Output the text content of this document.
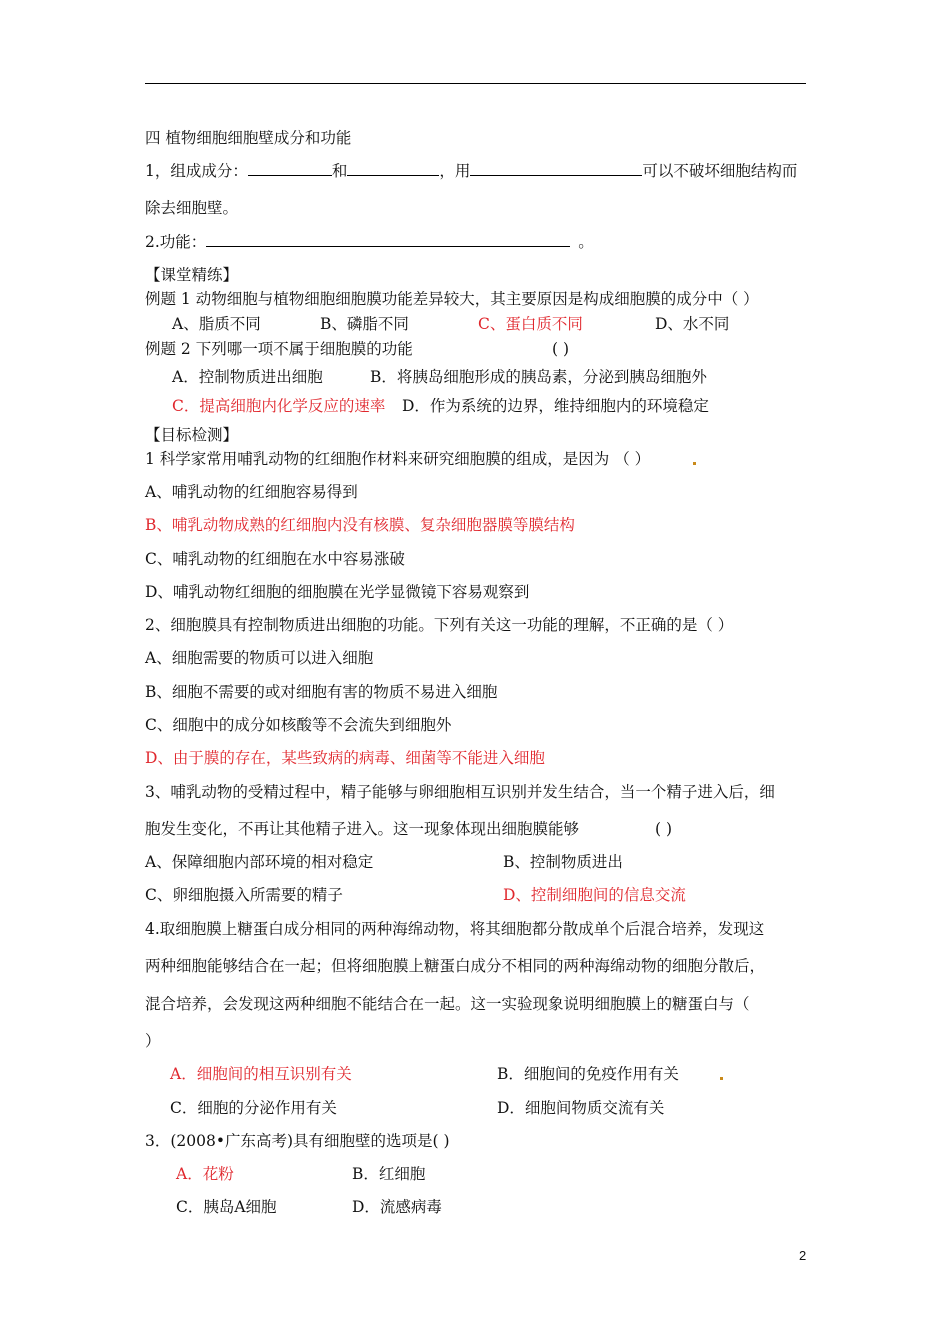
四 植物细胞细胞壁成分和功能
1，组成成分：	和	，用	可以不破坏细胞结构而
除去细胞壁。
2.功能：	。
【课堂精练】
例题 1 动物细胞与植物细胞细胞膜功能差异较大，其主要原因是构成细胞膜的成分中（ ）
A、脂质不同	B、磷脂不同	C、蛋白质不同	D、水不同
例题 2 下列哪一项不属于细胞膜的功能	( )
A．控制物质进出细胞	B．将胰岛细胞形成的胰岛素，分泌到胰岛细胞外
C．提高细胞内化学反应的速率 D．作为系统的边界，维持细胞内的环境稳定
【目标检测】
1 科学家常用哺乳动物的红细胞作材料来研究细胞膜的组成，是因为 （ ）
A、哺乳动物的红细胞容易得到
B、哺乳动物成熟的红细胞内没有核膜、复杂细胞器膜等膜结构
C、哺乳动物的红细胞在水中容易涨破
D、哺乳动物红细胞的细胞膜在光学显微镜下容易观察到
2、细胞膜具有控制物质进出细胞的功能。下列有关这一功能的理解，不正确的是（ ）
A、细胞需要的物质可以进入细胞
B、细胞不需要的或对细胞有害的物质不易进入细胞
C、细胞中的成分如核酸等不会流失到细胞外
D、由于膜的存在，某些致病的病毒、细菌等不能进入细胞
3、哺乳动物的受精过程中，精子能够与卵细胞相互识别并发生结合，当一个精子进入后，细
胞发生变化，不再让其他精子进入。这一现象体现出细胞膜能够	( )
A、保障细胞内部环境的相对稳定	B、控制物质进出
C、卵细胞摄入所需要的精子	D、控制细胞间的信息交流
4.取细胞膜上糖蛋白成分相同的两种海绵动物，将其细胞都分散成单个后混合培养，发现这
两种细胞能够结合在一起；但将细胞膜上糖蛋白成分不相同的两种海绵动物的细胞分散后，
混合培养，会发现这两种细胞不能结合在一起。这一实验现象说明细胞膜上的糖蛋白与（
）
A．细胞间的相互识别有关	B．细胞间的免疫作用有关
C．细胞的分泌作用有关	D．细胞间物质交流有关
3．(2008•广东高考)具有细胞壁的选项是( )
A．花粉	B．红细胞
C．胰岛A细胞	D．流感病毒
2
